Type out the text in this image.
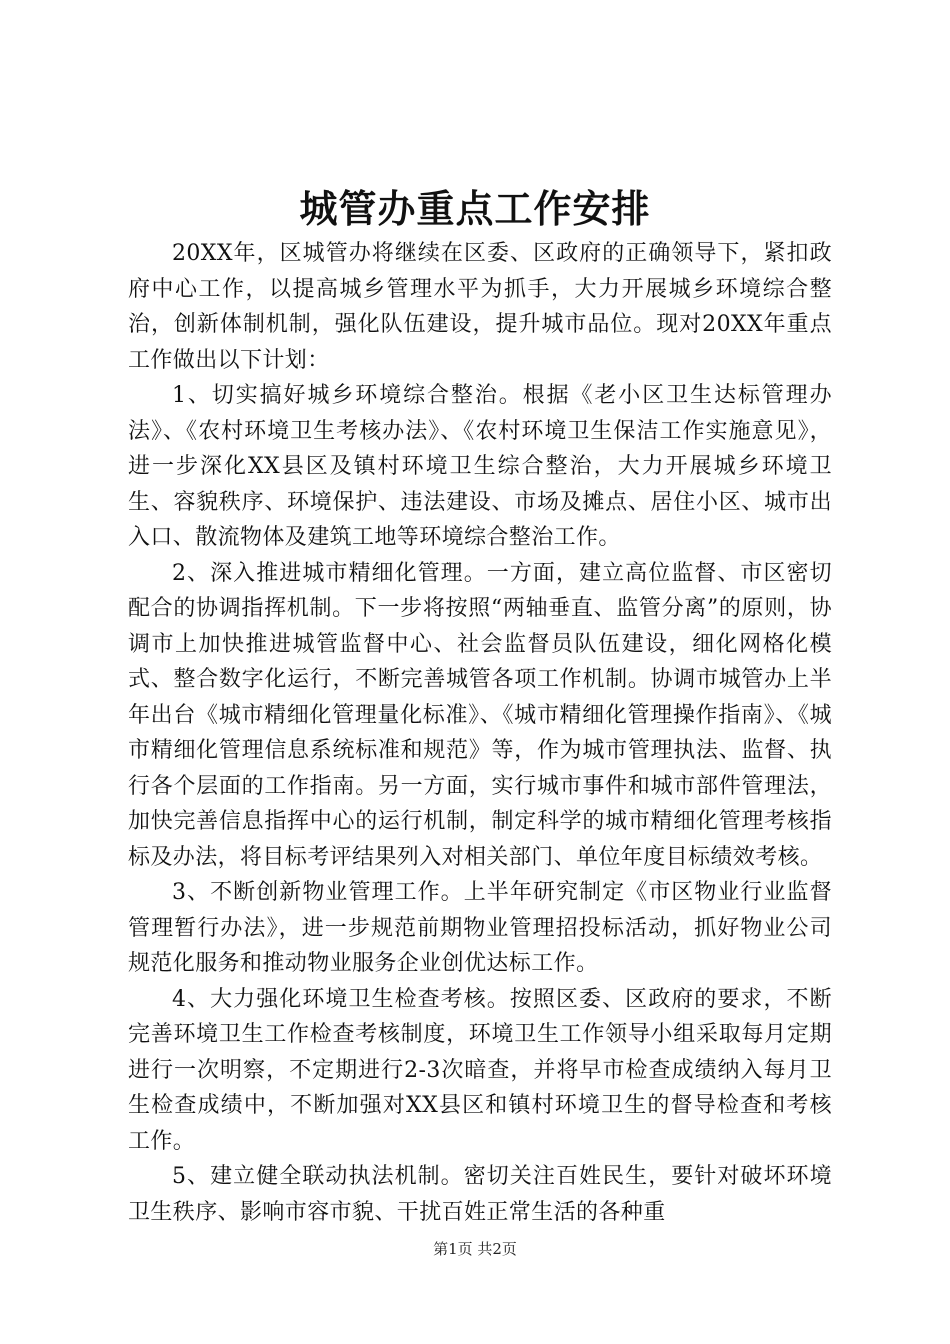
城管办重点工作安排

20XX年，区城管办将继续在区委、区政府的正确领导下，紧扣政府中心工作，以提高城乡管理水平为抓手，大力开展城乡环境综合整治，创新体制机制，强化队伍建设，提升城市品位。现对20XX年重点工作做出以下计划：

1、切实搞好城乡环境综合整治。根据《老小区卫生达标管理办法》、《农村环境卫生考核办法》、《农村环境卫生保洁工作实施意见》，进一步深化XX县区及镇村环境卫生综合整治，大力开展城乡环境卫生、容貌秩序、环境保护、违法建设、市场及摊点、居住小区、城市出入口、散流物体及建筑工地等环境综合整治工作。

2、深入推进城市精细化管理。一方面，建立高位监督、市区密切配合的协调指挥机制。下一步将按照“两轴垂直、监管分离”的原则，协调市上加快推进城管监督中心、社会监督员队伍建设，细化网格化模式、整合数字化运行，不断完善城管各项工作机制。协调市城管办上半年出台《城市精细化管理量化标准》、《城市精细化管理操作指南》、《城市精细化管理信息系统标准和规范》等，作为城市管理执法、监督、执行各个层面的工作指南。另一方面，实行城市事件和城市部件管理法，加快完善信息指挥中心的运行机制，制定科学的城市精细化管理考核指标及办法，将目标考评结果列入对相关部门、单位年度目标绩效考核。

3、不断创新物业管理工作。上半年研究制定《市区物业行业监督管理暂行办法》，进一步规范前期物业管理招投标活动，抓好物业公司规范化服务和推动物业服务企业创优达标工作。

4、大力强化环境卫生检查考核。按照区委、区政府的要求，不断完善环境卫生工作检查考核制度，环境卫生工作领导小组采取每月定期进行一次明察，不定期进行2-3次暗查，并将早市检查成绩纳入每月卫生检查成绩中，不断加强对XX县区和镇村环境卫生的督导检查和考核工作。

5、建立健全联动执法机制。密切关注百姓民生，要针对破坏环境卫生秩序、影响市容市貌、干扰百姓正常生活的各种重

第1页 共2页
